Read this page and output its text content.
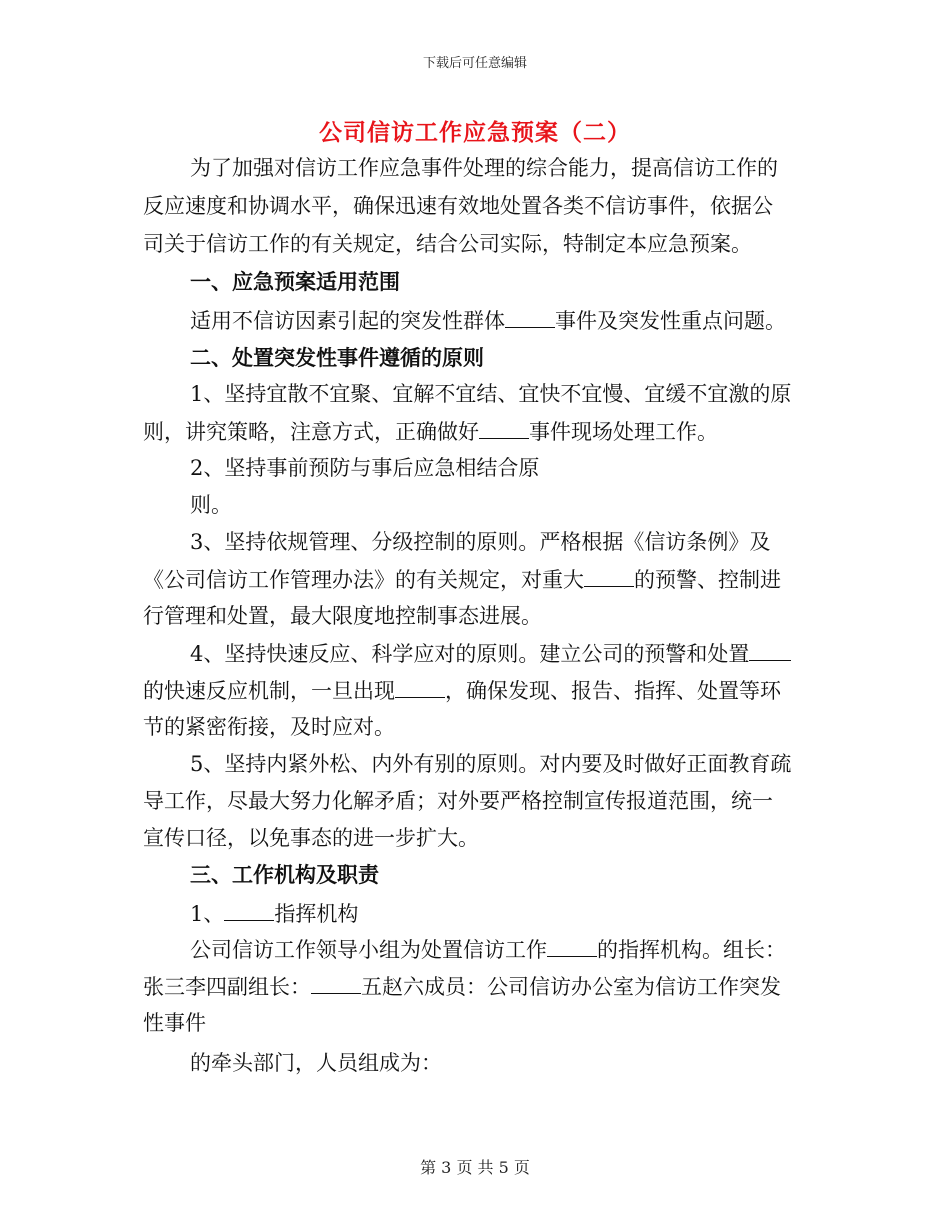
下载后可任意编辑
公司信访工作应急预案（二）
为了加强对信访工作应急事件处理的综合能力，提高信访工作的
反应速度和协调水平，确保迅速有效地处置各类不信访事件，依据公
司关于信访工作的有关规定，结合公司实际，特制定本应急预案。
一、应急预案适用范围
适用不信访因素引起的突发性群体 事件及突发性重点问题。
二、处置突发性事件遵循的原则
1、坚持宜散不宜聚、宜解不宜结、宜快不宜慢、宜缓不宜激的原
则，讲究策略，注意方式，正确做好 事件现场处理工作。
2、坚持事前预防与事后应急相结合原
则。
3、坚持依规管理、分级控制的原则。严格根据《信访条例》及
《公司信访工作管理办法》的有关规定，对重大 的预警、控制进
行管理和处置，最大限度地控制事态进展。
4、坚持快速反应、科学应对的原则。建立公司的预警和处置
的快速反应机制，一旦出现 ，确保发现、报告、指挥、处置等环
节的紧密衔接，及时应对。
5、坚持内紧外松、内外有别的原则。对内要及时做好正面教育疏
导工作，尽最大努力化解矛盾；对外要严格控制宣传报道范围，统一
宣传口径，以免事态的进一步扩大。
三、工作机构及职责
1、 指挥机构
公司信访工作领导小组为处置信访工作 的指挥机构。组长：
张三李四副组长： 五赵六成员：公司信访办公室为信访工作突发
性事件
的牵头部门，人员组成为：
第 3 页 共 5 页
